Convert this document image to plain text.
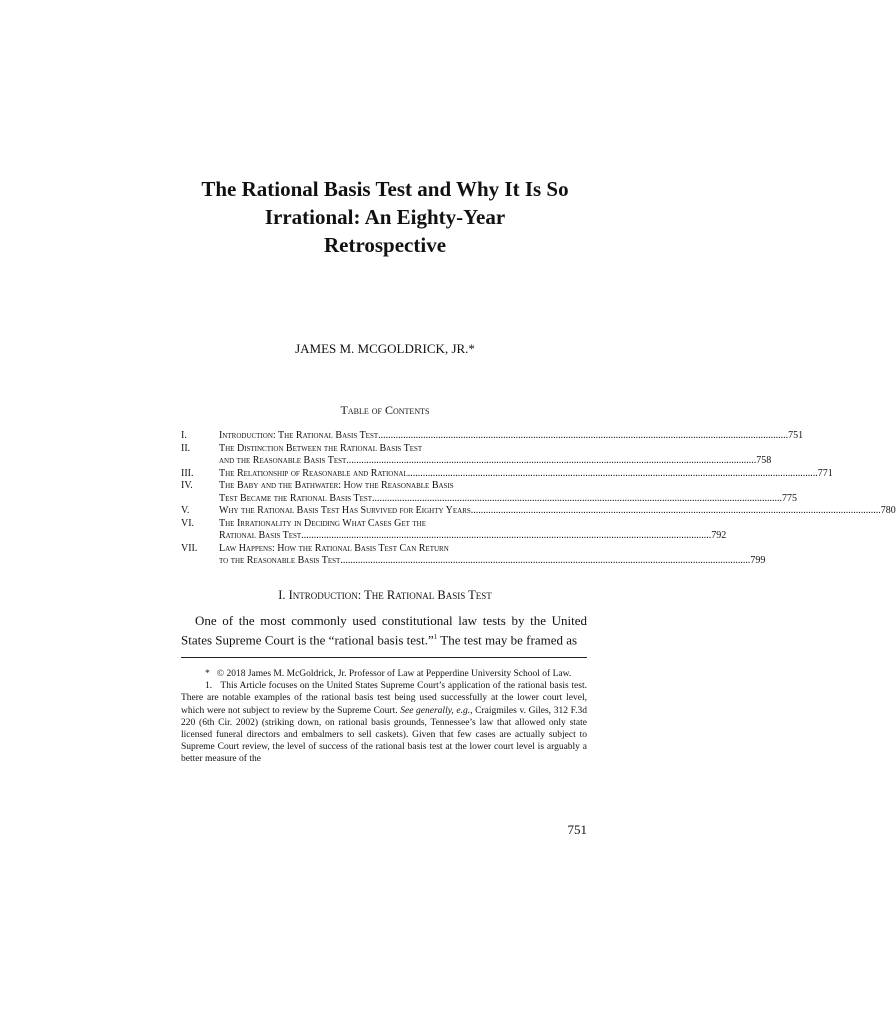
The Rational Basis Test and Why It Is So
Irrational: An Eighty-Year
Retrospective
JAMES M. MCGOLDRICK, JR.*
Table of Contents
I.	Introduction: The Rational Basis Test .....	751
II.	The Distinction Between the Rational Basis Test
and the Reasonable Basis Test .....	758
III.	The Relationship of Reasonable and Rational .....	771
IV.	The Baby and the Bathwater: How the Reasonable Basis
Test Became the Rational Basis Test .....	775
V.	Why the Rational Basis Test Has Survived for Eighty Years .....	780
VI.	The Irrationality in Deciding What Cases Get the
Rational Basis Test .....	792
VII.	Law Happens: How the Rational Basis Test Can Return
to the Reasonable Basis Test .....	799
I. Introduction: The Rational Basis Test

One of the most commonly used constitutional law tests by the United States Supreme Court is the “rational basis test.”$^1$ The test may be framed as

*   © 2018 James M. McGoldrick, Jr. Professor of Law at Pepperdine University School of Law.

1.   This Article focuses on the United States Supreme Court’s application of the rational basis test. There are notable examples of the rational basis test being used successfully at the lower court level, which were not subject to review by the Supreme Court. See generally, e.g., Craigmiles v. Giles, 312 F.3d 220 (6th Cir. 2002) (striking down, on rational basis grounds, Tennessee’s law that allowed only state licensed funeral directors and embalmers to sell caskets). Given that few cases are actually subject to Supreme Court review, the level of success of the rational basis test at the lower court level is arguably a better measure of the

751
